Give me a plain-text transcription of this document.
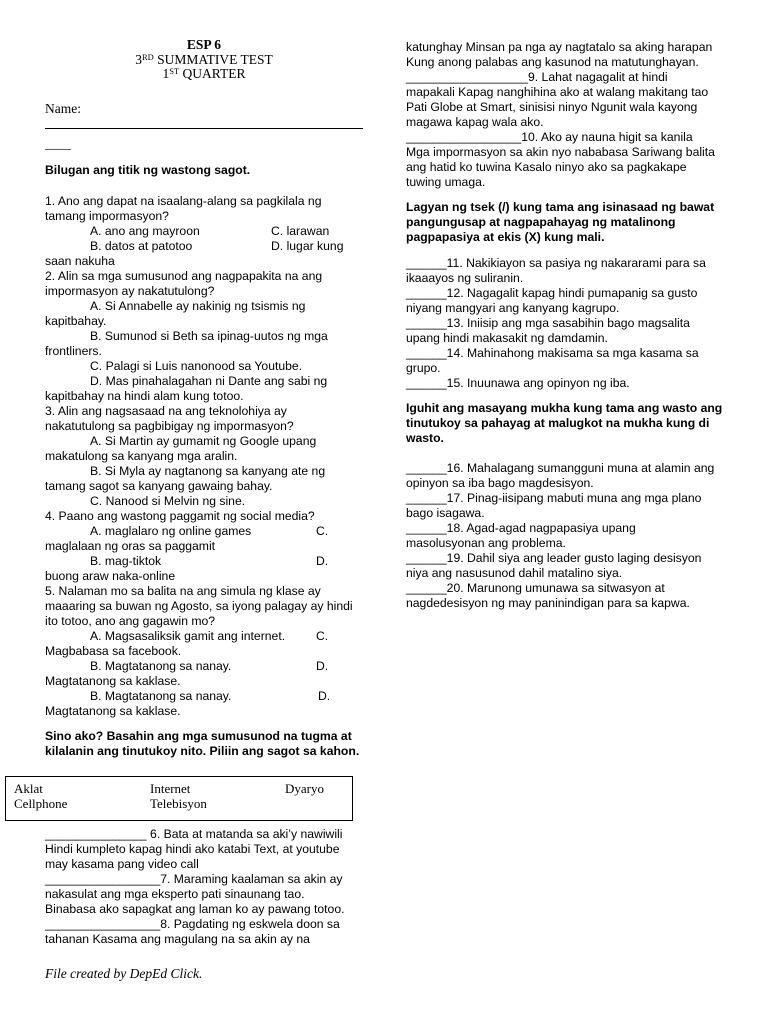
ESP 6
3RD SUMMATIVE TEST
1ST QUARTER
Name:
____
Bilugan ang titik ng wastong sagot.
1. Ano ang dapat na isaalang-alang sa pagkilala ng
tamang impormasyon?
A. ano ang mayroon	C. larawan
B. datos at patotoo	D. lugar kung
saan nakuha
2. Alin sa mga sumusunod ang nagpapakita na ang
impormasyon ay nakatutulong?
A. Si Annabelle ay nakinig ng tsismis ng
kapitbahay.
B. Sumunod si Beth sa ipinag-uutos ng mga
frontliners.
C. Palagi si Luis nanonood sa Youtube.
D. Mas pinahalagahan ni Dante ang sabi ng
kapitbahay na hindi alam kung totoo.
3. Alin ang nagsasaad na ang teknolohiya ay
nakatutulong sa pagbibigay ng impormasyon?
A. Si Martin ay gumamit ng Google upang
makatulong sa kanyang mga aralin.
B. Si Myla ay nagtanong sa kanyang ate ng
tamang sagot sa kanyang gawaing bahay.
C. Nanood si Melvin ng sine.
4. Paano ang wastong paggamit ng social media?
A. maglalaro ng online games	C.
maglalaan ng oras sa paggamit
B. mag-tiktok	D.
buong araw naka-online
5. Nalaman mo sa balita na ang simula ng klase ay
maaaring sa buwan ng Agosto, sa iyong palagay ay hindi
ito totoo, ano ang gagawin mo?
A. Magsasaliksik gamit ang internet.	C.
Magbabasa sa facebook.
B. Magtatanong sa nanay.	D.
Magtatanong sa kaklase.
B. Magtatanong sa nanay.	D.
Magtatanong sa kaklase.
Sino ako? Basahin ang mga sumusunod na tugma at
kilalanin ang tinutukoy nito. Piliin ang sagot sa kahon.
Aklat	Internet	Dyaryo
Cellphone	Telebisyon
_______________ 6. Bata at matanda sa aki’y nawiwili
Hindi kumpleto kapag hindi ako katabi Text, at youtube
may kasama pang video call
_________________7. Maraming kaalaman sa akin ay
nakasulat ang mga eksperto pati sinaunang tao.
Binabasa ako sapagkat ang laman ko ay pawang totoo.
_________________8. Pagdating ng eskwela doon sa
tahanan Kasama ang magulang na sa akin ay na
File created by DepEd Click.
katunghay Minsan pa nga ay nagtatalo sa aking harapan
Kung anong palabas ang kasunod na matutunghayan.
__________________9. Lahat nagagalit at hindi
mapakali Kapag nanghihina ako at walang makitang tao
Pati Globe at Smart, sinisisi ninyo Ngunit wala kayong
magawa kapag wala ako.
_________________10. Ako ay nauna higit sa kanila
Mga impormasyon sa akin nyo nababasa Sariwang balita
ang hatid ko tuwina Kasalo ninyo ako sa pagkakape
tuwing umaga.
Lagyan ng tsek (/) kung tama ang isinasaad ng bawat
pangungusap at nagpapahayag ng matalinong
pagpapasiya at ekis (X) kung mali.
______11. Nakikiayon sa pasiya ng nakararami para sa
ikaaayos ng suliranin.
______12. Nagagalit kapag hindi pumapanig sa gusto
niyang mangyari ang kanyang kagrupo.
______13. Iniisip ang mga sasabihin bago magsalita
upang hindi makasakit ng damdamin.
______14. Mahinahong makisama sa mga kasama sa
grupo.
______15. Inuunawa ang opinyon ng iba.
Iguhit ang masayang mukha kung tama ang wasto ang
tinutukoy sa pahayag at malugkot na mukha kung di
wasto.
______16. Mahalagang sumangguni muna at alamin ang
opinyon sa iba bago magdesisyon.
______17. Pinag-iisipang mabuti muna ang mga plano
bago isagawa.
______18. Agad-agad nagpapasiya upang
masolusyonan ang problema.
______19. Dahil siya ang leader gusto laging desisyon
niya ang nasusunod dahil matalino siya.
______20. Marunong umunawa sa sitwasyon at
nagdedesisyon ng may paninindigan para sa kapwa.
